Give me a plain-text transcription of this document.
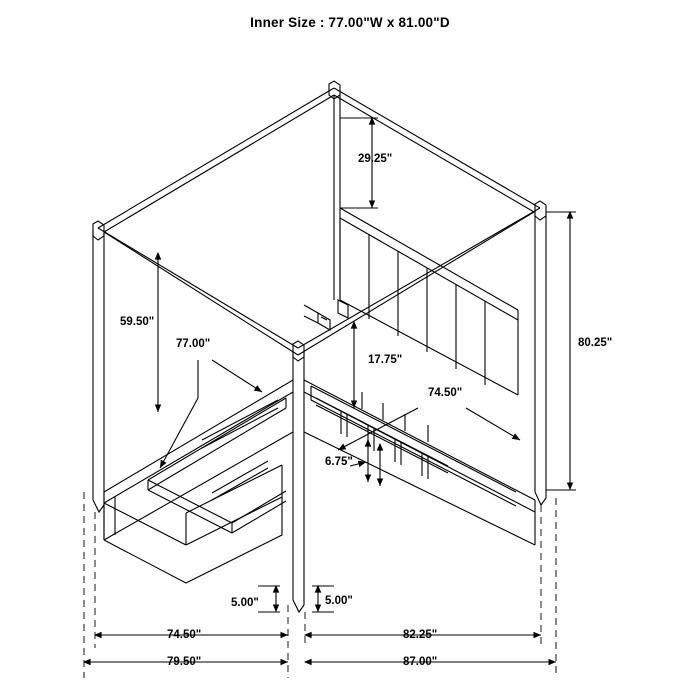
Inner Size : 77.00"W x 81.00"D
29.25"
59.50"
77.00"
17.75"
74.50"
80.25"
6.75"
5.00"	5.00"
74.50"	82.25"
79.50"	87.00"
